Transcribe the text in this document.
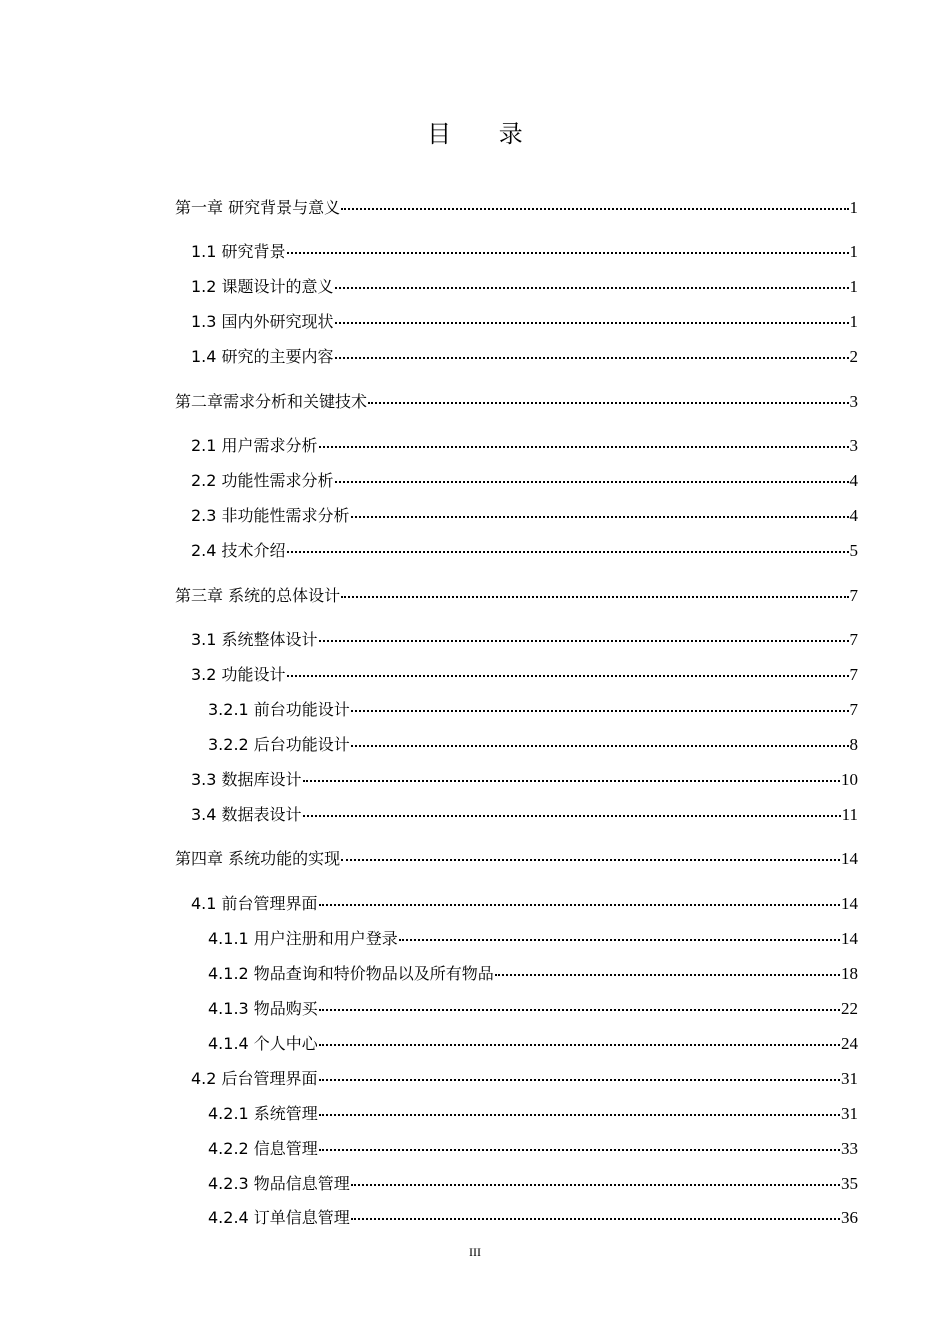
目 录
第一章 研究背景与意义	1
1.1 研究背景	1
1.2 课题设计的意义	1
1.3 国内外研究现状	1
1.4 研究的主要内容	2
第二章需求分析和关键技术	3
2.1 用户需求分析	3
2.2 功能性需求分析	4
2.3 非功能性需求分析	4
2.4 技术介绍	5
第三章 系统的总体设计	7
3.1 系统整体设计	7
3.2 功能设计	7
3.2.1 前台功能设计	7
3.2.2 后台功能设计	8
3.3 数据库设计	10
3.4 数据表设计	11
第四章 系统功能的实现	14
4.1 前台管理界面	14
4.1.1 用户注册和用户登录	14
4.1.2 物品查询和特价物品以及所有物品	18
4.1.3 物品购买	22
4.1.4 个人中心	24
4.2 后台管理界面	31
4.2.1 系统管理	31
4.2.2 信息管理	33
4.2.3 物品信息管理	35
4.2.4 订单信息管理	36
III
